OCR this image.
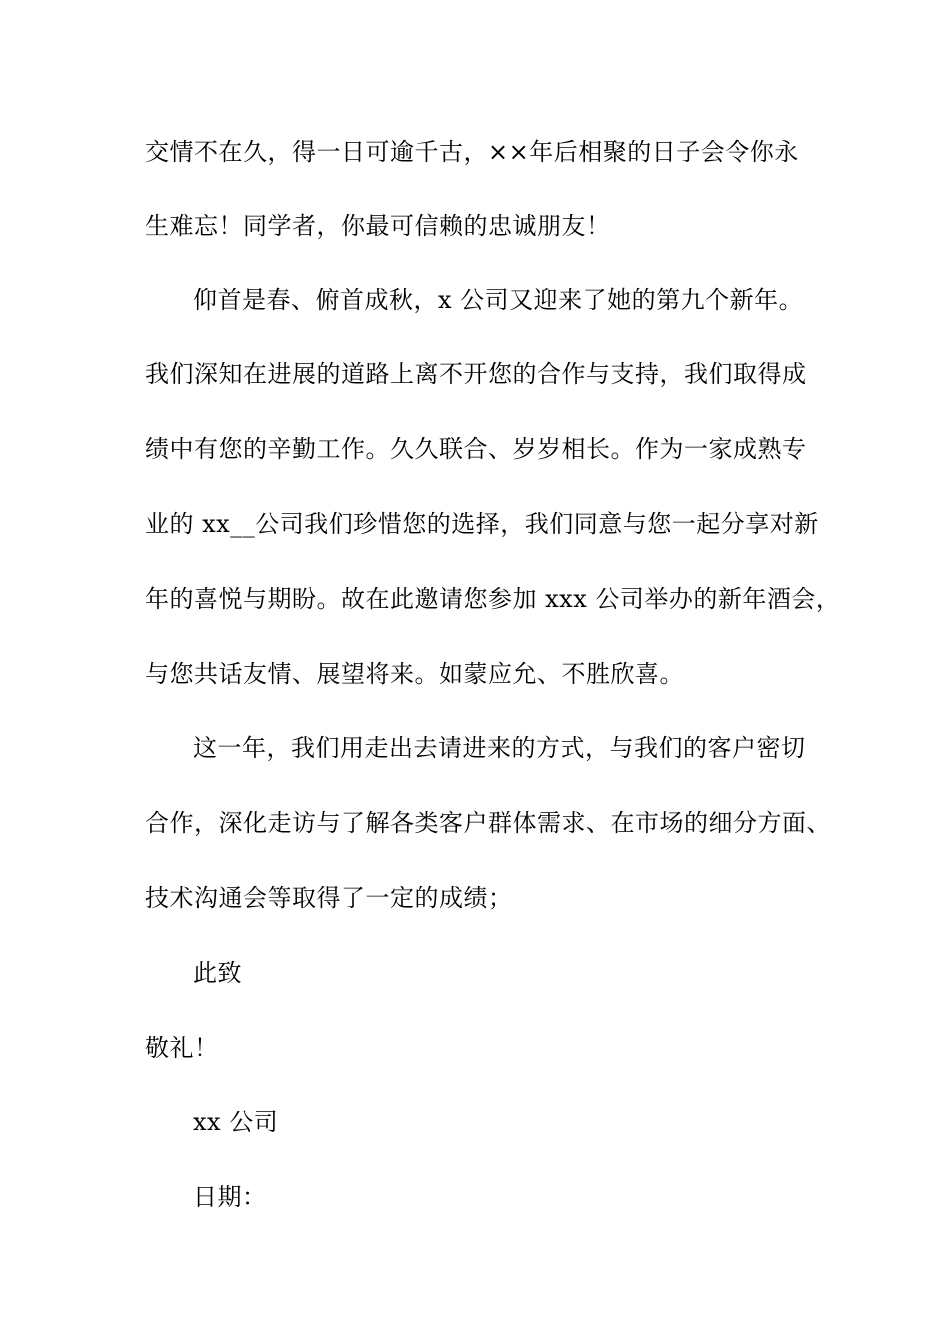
交情不在久，得一日可逾千古，××年后相聚的日子会令你永
生难忘！同学者，你最可信赖的忠诚朋友！
仰首是春、俯首成秋，x 公司又迎来了她的第九个新年。
我们深知在进展的道路上离不开您的合作与支持，我们取得成
绩中有您的辛勤工作。久久联合、岁岁相长。作为一家成熟专
业的 xx__公司我们珍惜您的选择，我们同意与您一起分享对新
年的喜悦与期盼。故在此邀请您参加 xxx 公司举办的新年酒会，
与您共话友情、展望将来。如蒙应允、不胜欣喜。
这一年，我们用走出去请进来的方式，与我们的客户密切
合作，深化走访与了解各类客户群体需求、在市场的细分方面、
技术沟通会等取得了一定的成绩；
此致
敬礼！
xx 公司
日期：
